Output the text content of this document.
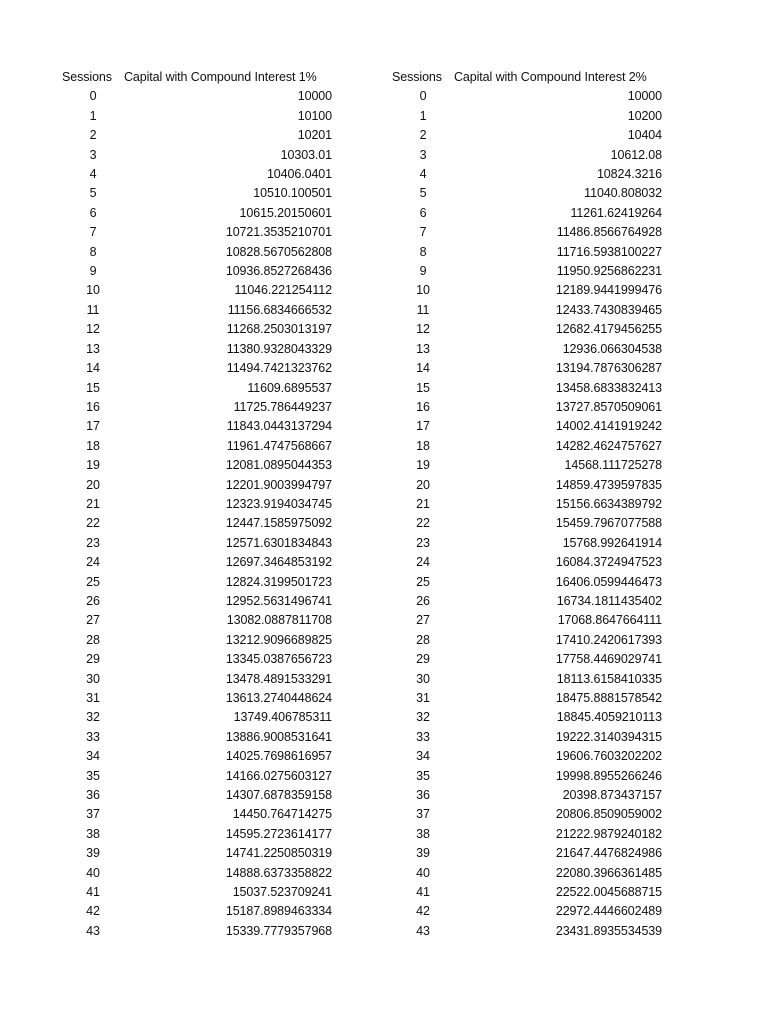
Sessions	Capital with Compound Interest 1%
0	10000
1	10100
2	10201
3	10303.01
4	10406.0401
5	10510.100501
6	10615.20150601
7	10721.3535210701
8	10828.5670562808
9	10936.8527268436
10	11046.221254112
11	11156.6834666532
12	11268.2503013197
13	11380.9328043329
14	11494.7421323762
15	11609.6895537
16	11725.786449237
17	11843.0443137294
18	11961.4747568667
19	12081.0895044353
20	12201.9003994797
21	12323.9194034745
22	12447.1585975092
23	12571.6301834843
24	12697.3464853192
25	12824.3199501723
26	12952.5631496741
27	13082.0887811708
28	13212.9096689825
29	13345.0387656723
30	13478.4891533291
31	13613.2740448624
32	13749.406785311
33	13886.9008531641
34	14025.7698616957
35	14166.0275603127
36	14307.6878359158
37	14450.764714275
38	14595.2723614177
39	14741.2250850319
40	14888.6373358822
41	15037.523709241
42	15187.8989463334
43	15339.7779357968
Sessions	Capital with Compound Interest 2%
0	10000
1	10200
2	10404
3	10612.08
4	10824.3216
5	11040.808032
6	11261.62419264
7	11486.8566764928
8	11716.5938100227
9	11950.9256862231
10	12189.9441999476
11	12433.7430839465
12	12682.4179456255
13	12936.066304538
14	13194.7876306287
15	13458.6833832413
16	13727.8570509061
17	14002.4141919242
18	14282.4624757627
19	14568.111725278
20	14859.4739597835
21	15156.6634389792
22	15459.7967077588
23	15768.992641914
24	16084.3724947523
25	16406.0599446473
26	16734.1811435402
27	17068.8647664111
28	17410.2420617393
29	17758.4469029741
30	18113.6158410335
31	18475.8881578542
32	18845.4059210113
33	19222.3140394315
34	19606.7603202202
35	19998.8955266246
36	20398.873437157
37	20806.8509059002
38	21222.9879240182
39	21647.4476824986
40	22080.3966361485
41	22522.0045688715
42	22972.4446602489
43	23431.8935534539
